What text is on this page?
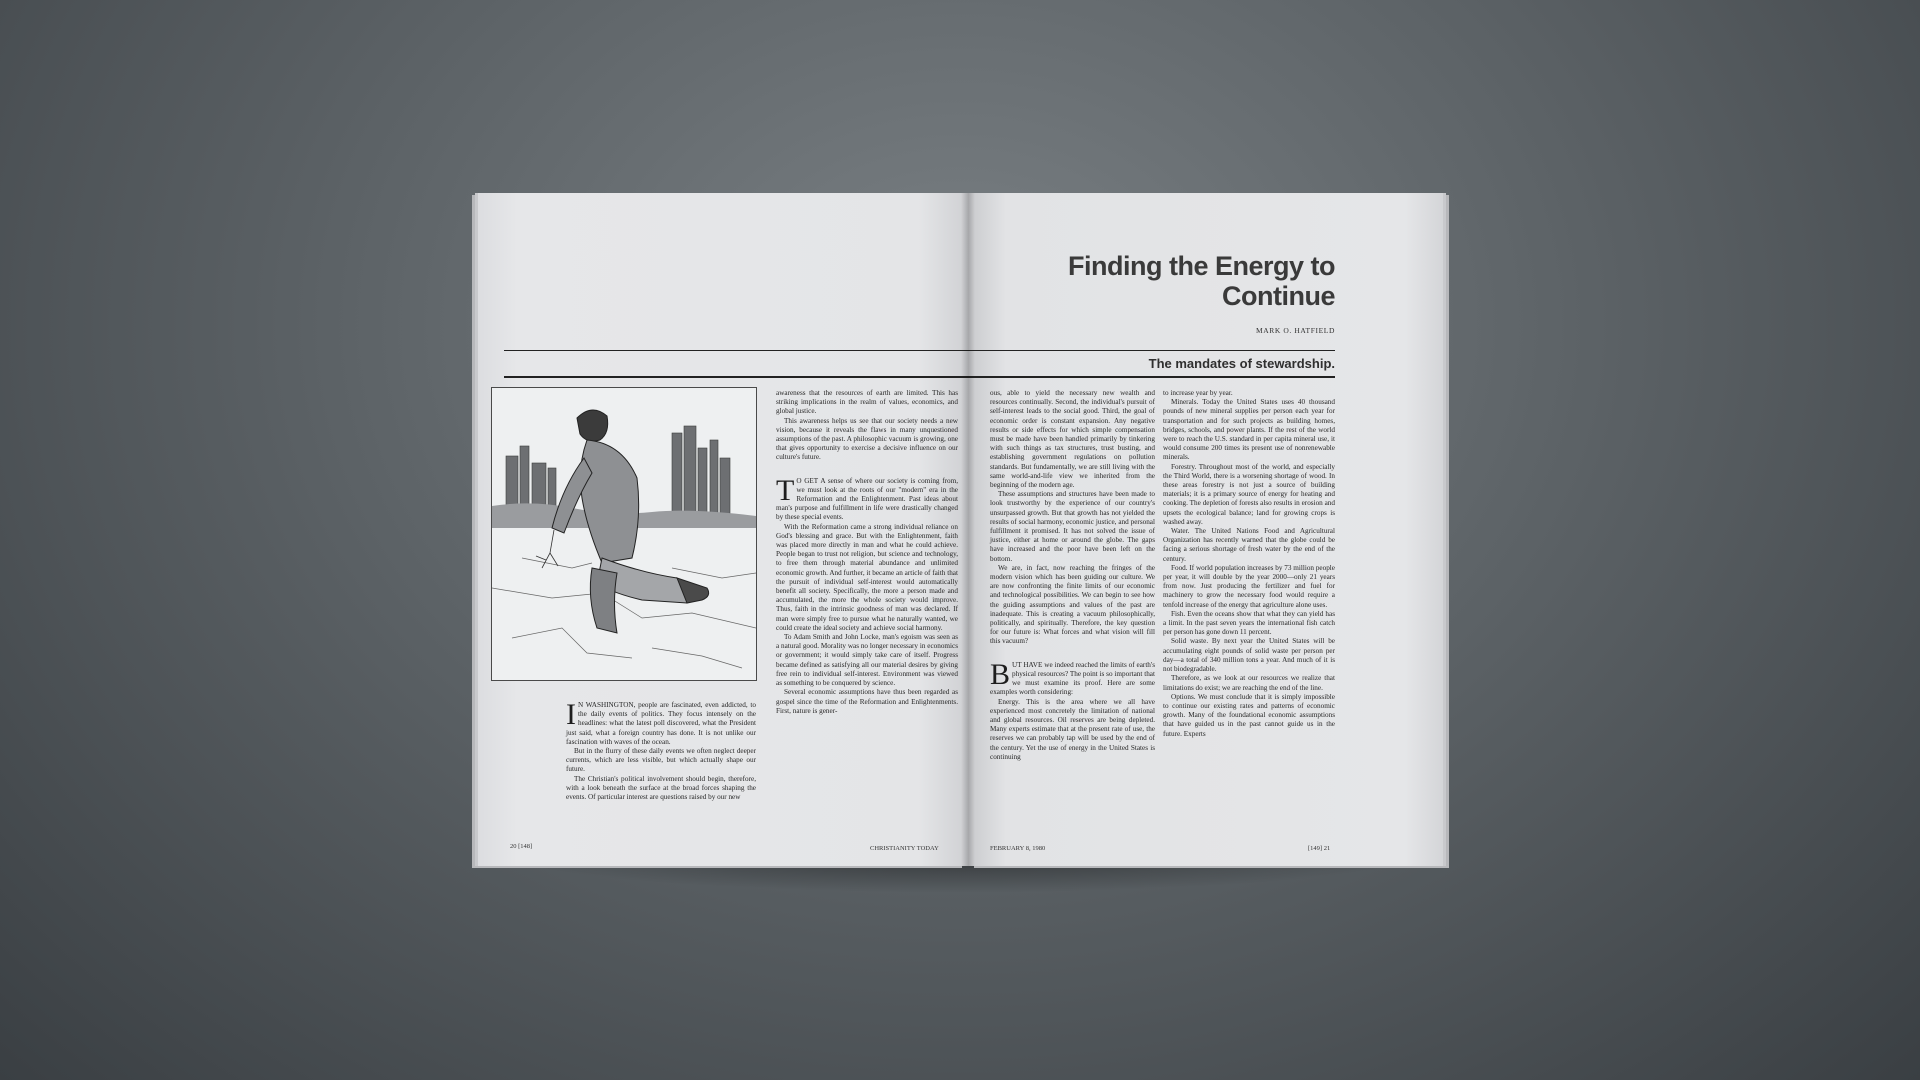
I N WASHINGTON, people are fascinated, even addicted, to the daily events of politics. They focus intensely on the headlines: what the latest poll discovered, what the President just said, what a foreign country has done. It is not unlike our fascination with waves of the ocean.

But in the flurry of these daily events we often neglect deeper currents, which are less visible, but which actually shape our future.

The Christian's political involvement should begin, therefore, with a look beneath the surface at the broad forces shaping the events. Of particular interest are questions raised by our new

awareness that the resources of earth are limited. This has striking implications in the realm of values, economics, and global justice.

This awareness helps us see that our society needs a new vision, because it reveals the flaws in many unquestioned assumptions of the past. A philosophic vacuum is growing, one that gives opportunity to exercise a decisive influence on our culture's future.

T O GET A sense of where our society is coming from, we must look at the roots of our "modern" era in the Reformation and the Enlightenment. Past ideas about man's purpose and fulfillment in life were drastically changed by these special events.

With the Reformation came a strong individual reliance on God's blessing and grace. But with the Enlightenment, faith was placed more directly in man and what he could achieve. People began to trust not religion, but science and technology, to free them through material abundance and unlimited economic growth. And further, it became an article of faith that the pursuit of individual self-interest would automatically benefit all society. Specifically, the more a person made and accumulated, the more the whole society would improve. Thus, faith in the intrinsic goodness of man was declared. If man were simply free to pursue what he naturally wanted, we could create the ideal society and achieve social harmony.

To Adam Smith and John Locke, man's egoism was seen as a natural good. Morality was no longer necessary in economics or government; it would simply take care of itself. Progress became defined as satisfying all our material desires by giving free rein to individual self-interest. Environment was viewed as something to be conquered by science.

Several economic assumptions have thus been regarded as gospel since the time of the Reformation and Enlightenments. First, nature is gener-

20 [148]	CHRISTIANITY TODAY
Finding the Energy to
Continue
MARK O. HATFIELD
The mandates of stewardship.

ous, able to yield the necessary new wealth and resources continually. Second, the individual's pursuit of self-interest leads to the social good. Third, the goal of economic order is constant expansion. Any negative results or side effects for which simple compensation must be made have been handled primarily by tinkering with such things as tax structures, trust busting, and establishing government regulations on pollution standards. But fundamentally, we are still living with the same world-and-life view we inherited from the beginning of the modern age.

These assumptions and structures have been made to look trustworthy by the experience of our country's unsurpassed growth. But that growth has not yielded the results of social harmony, economic justice, and personal fulfillment it promised. It has not solved the issue of justice, either at home or around the globe. The gaps have increased and the poor have been left on the bottom.

We are, in fact, now reaching the fringes of the modern vision which has been guiding our culture. We are now confronting the finite limits of our economic and technological possibilities. We can begin to see how the guiding assumptions and values of the past are inadequate. This is creating a vacuum philosophically, politically, and spiritually. Therefore, the key question for our future is: What forces and what vision will fill this vacuum?

BUT HAVE we indeed reached the limits of earth's physical resources? The point is so important that we must examine its proof. Here are some examples worth considering:

Energy. This is the area where we all have experienced most concretely the limitation of national and global resources. Oil reserves are being depleted. Many experts estimate that at the present rate of use, the reserves we can probably tap will be used by the end of the century. Yet the use of energy in the United States is continuing

to increase year by year.

Minerals. Today the United States uses 40 thousand pounds of new mineral supplies per person each year for transportation and for such projects as building homes, bridges, schools, and power plants. If the rest of the world were to reach the U.S. standard in per capita mineral use, it would consume 200 times its present use of nonrenewable minerals.

Forestry. Throughout most of the world, and especially the Third World, there is a worsening shortage of wood. In these areas forestry is not just a source of building materials; it is a primary source of energy for heating and cooking. The depletion of forests also results in erosion and upsets the ecological balance; land for growing crops is washed away.

Water. The United Nations Food and Agricultural Organization has recently warned that the globe could be facing a serious shortage of fresh water by the end of the century.

Food. If world population increases by 73 million people per year, it will double by the year 2000—only 21 years from now. Just producing the fertilizer and fuel for machinery to grow the necessary food would require a tenfold increase of the energy that agriculture alone uses.

Fish. Even the oceans show that what they can yield has a limit. In the past seven years the international fish catch per person has gone down 11 percent.

Solid waste. By next year the United States will be accumulating eight pounds of solid waste per person per day—a total of 340 million tons a year. And much of it is not biodegradable.

Therefore, as we look at our resources we realize that limitations do exist; we are reaching the end of the line.

Options. We must conclude that it is simply impossible to continue our existing rates and patterns of economic growth. Many of the foundational economic assumptions that have guided us in the past cannot guide us in the future. Experts

FEBRUARY 8, 1980	[149] 21
